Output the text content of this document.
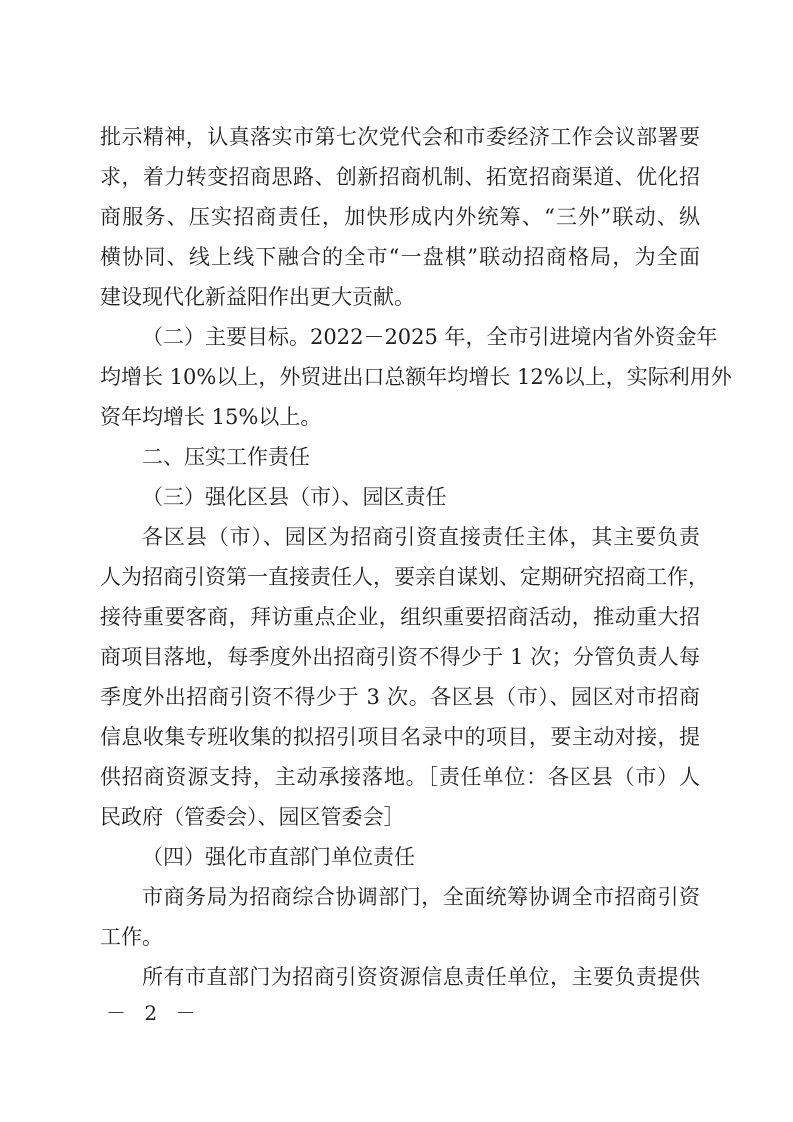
批示精神，认真落实市第七次党代会和市委经济工作会议部署要
求，着力转变招商思路、创新招商机制、拓宽招商渠道、优化招
商服务、压实招商责任，加快形成内外统筹、“三外”联动、纵
横协同、线上线下融合的全市“一盘棋”联动招商格局，为全面
建设现代化新益阳作出更大贡献。
（二）主要目标。2022－2025 年，全市引进境内省外资金年
均增长 10%以上，外贸进出口总额年均增长 12%以上，实际利用外
资年均增长 15%以上。
二、压实工作责任
（三）强化区县（市）、园区责任
各区县（市）、园区为招商引资直接责任主体，其主要负责
人为招商引资第一直接责任人，要亲自谋划、定期研究招商工作，
接待重要客商，拜访重点企业，组织重要招商活动，推动重大招
商项目落地，每季度外出招商引资不得少于 1 次；分管负责人每
季度外出招商引资不得少于 3 次。各区县（市）、园区对市招商
信息收集专班收集的拟招引项目名录中的项目，要主动对接，提
供招商资源支持，主动承接落地。［责任单位：各区县（市）人
民政府（管委会）、园区管委会］
（四）强化市直部门单位责任
市商务局为招商综合协调部门，全面统筹协调全市招商引资
工作。
所有市直部门为招商引资资源信息责任单位，主要负责提供
－ 2 －
